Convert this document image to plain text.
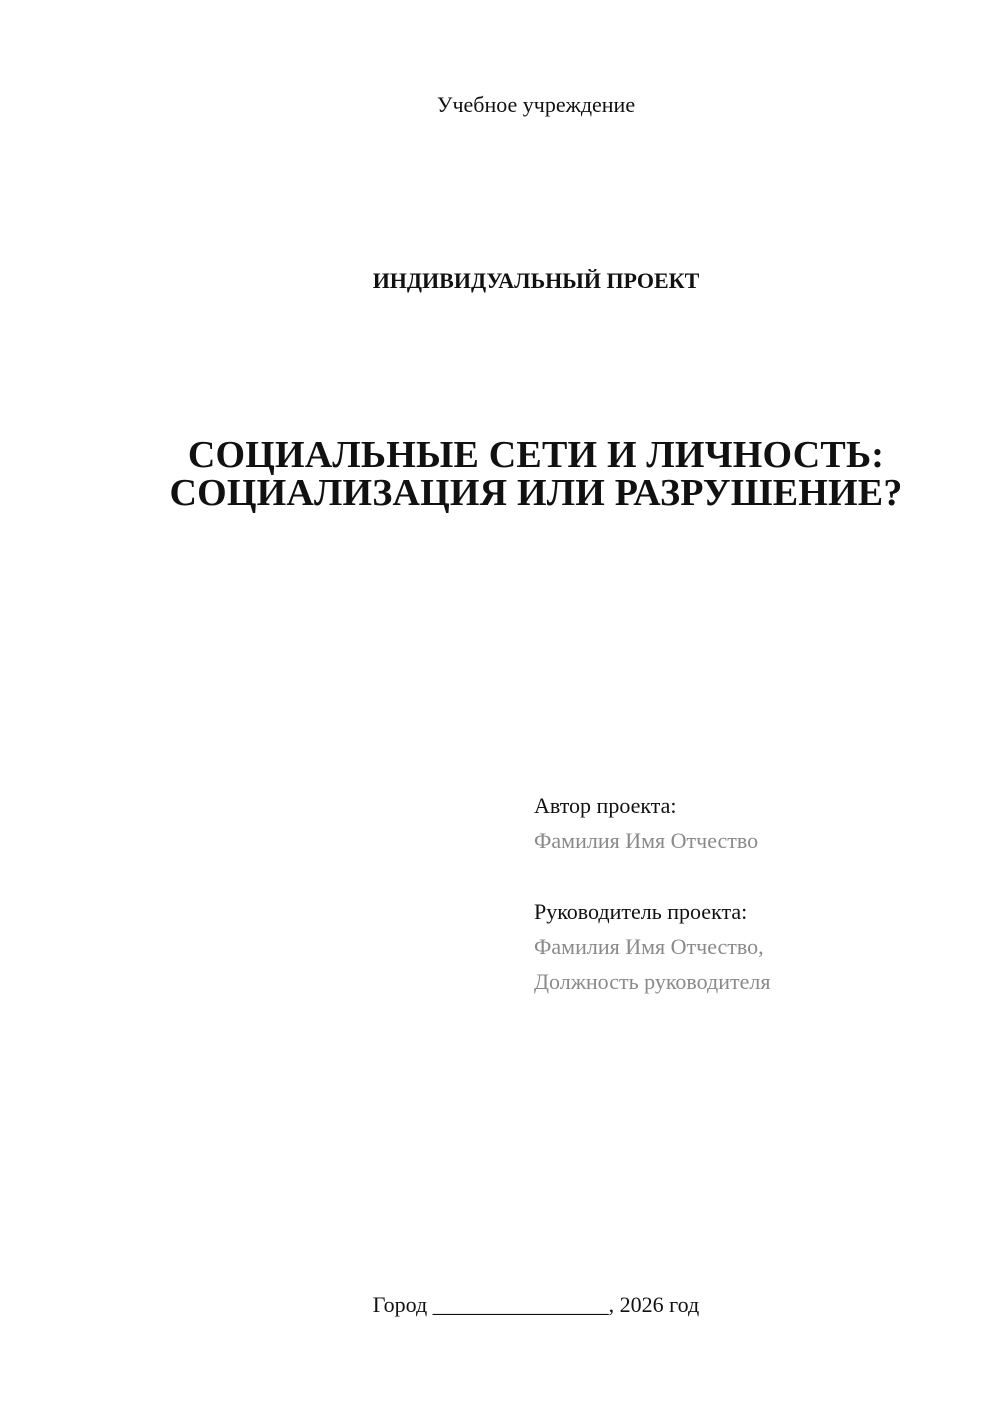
Учебное учреждение
ИНДИВИДУАЛЬНЫЙ ПРОЕКТ
СОЦИАЛЬНЫЕ СЕТИ И ЛИЧНОСТЬ:
СОЦИАЛИЗАЦИЯ ИЛИ РАЗРУШЕНИЕ?
Автор проекта:
Фамилия Имя Отчество
Руководитель проекта:
Фамилия Имя Отчество,
Должность руководителя
Город ________________, 2026 год
